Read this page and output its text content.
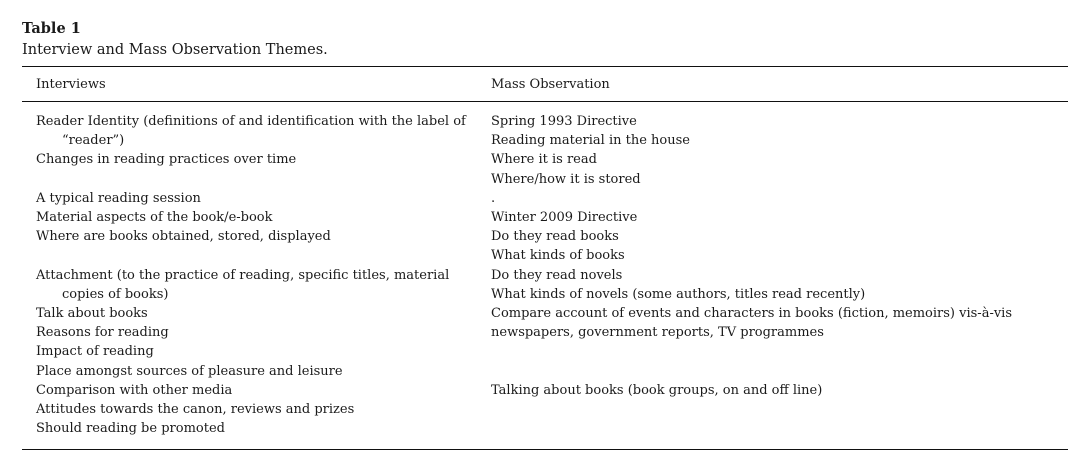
Table 1

Interview and Mass Observation Themes.

Interviews	Mass Observation
Reader Identity (definitions of and identification with the label of
“reader”)
Changes in reading practices over time
A typical reading session
Material aspects of the book/e-book
Where are books obtained, stored, displayed
Attachment (to the practice of reading, specific titles, material
copies of books)
Talk about books
Reasons for reading
Impact of reading
Place amongst sources of pleasure and leisure
Comparison with other media
Attitudes towards the canon, reviews and prizes
Should reading be promoted
Spring 1993 Directive
Reading material in the house
Where it is read
Where/how it is stored
.
Winter 2009 Directive
Do they read books
What kinds of books
Do they read novels
What kinds of novels (some authors, titles read recently)
Compare account of events and characters in books (fiction, memoirs) vis-à-vis
newspapers, government reports, TV programmes
Talking about books (book groups, on and off line)
